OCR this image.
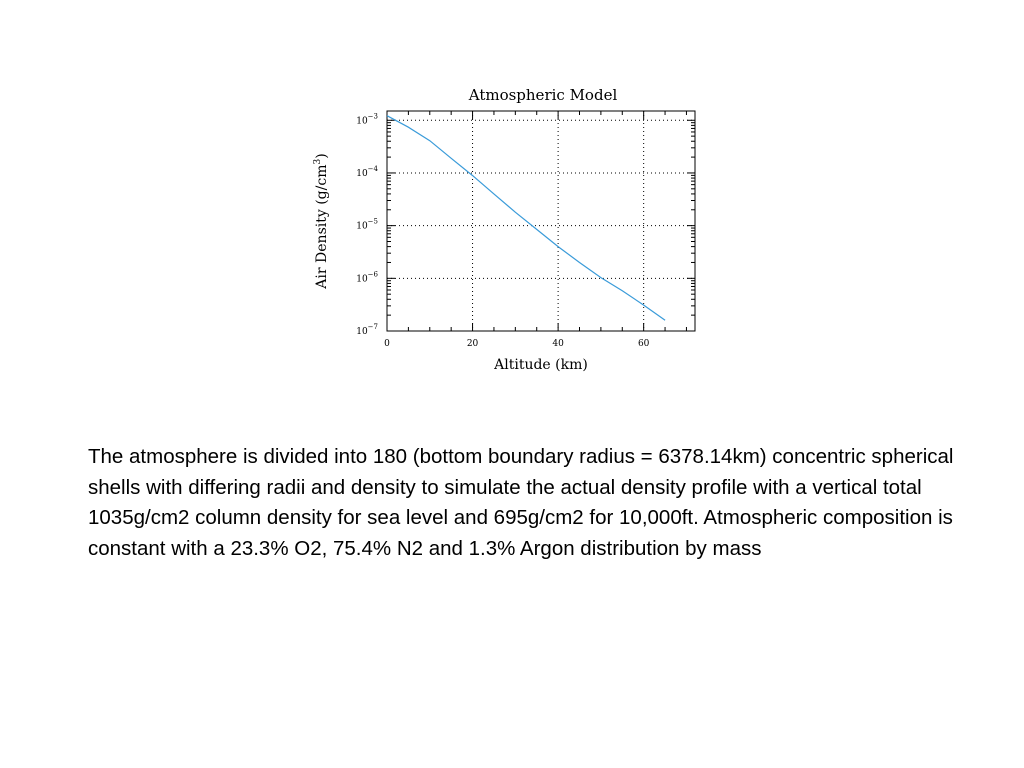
Atmospheric Model
0	20	40	60
$10^{-3}$
$10^{-4}$
$10^{-5}$
$10^{-6}$
$10^{-7}$
Altitude (km)
Air Density $(g/cm^3)$

The atmosphere is divided into 180 (bottom boundary radius = 6378.14km) concentric spherical shells with differing radii and density to simulate the actual density profile with a vertical total 1035g/cm2 column density for sea level and 695g/cm2 for 10,000ft. Atmospheric composition is constant with a 23.3% O2, 75.4% N2 and 1.3% Argon distribution by mass
